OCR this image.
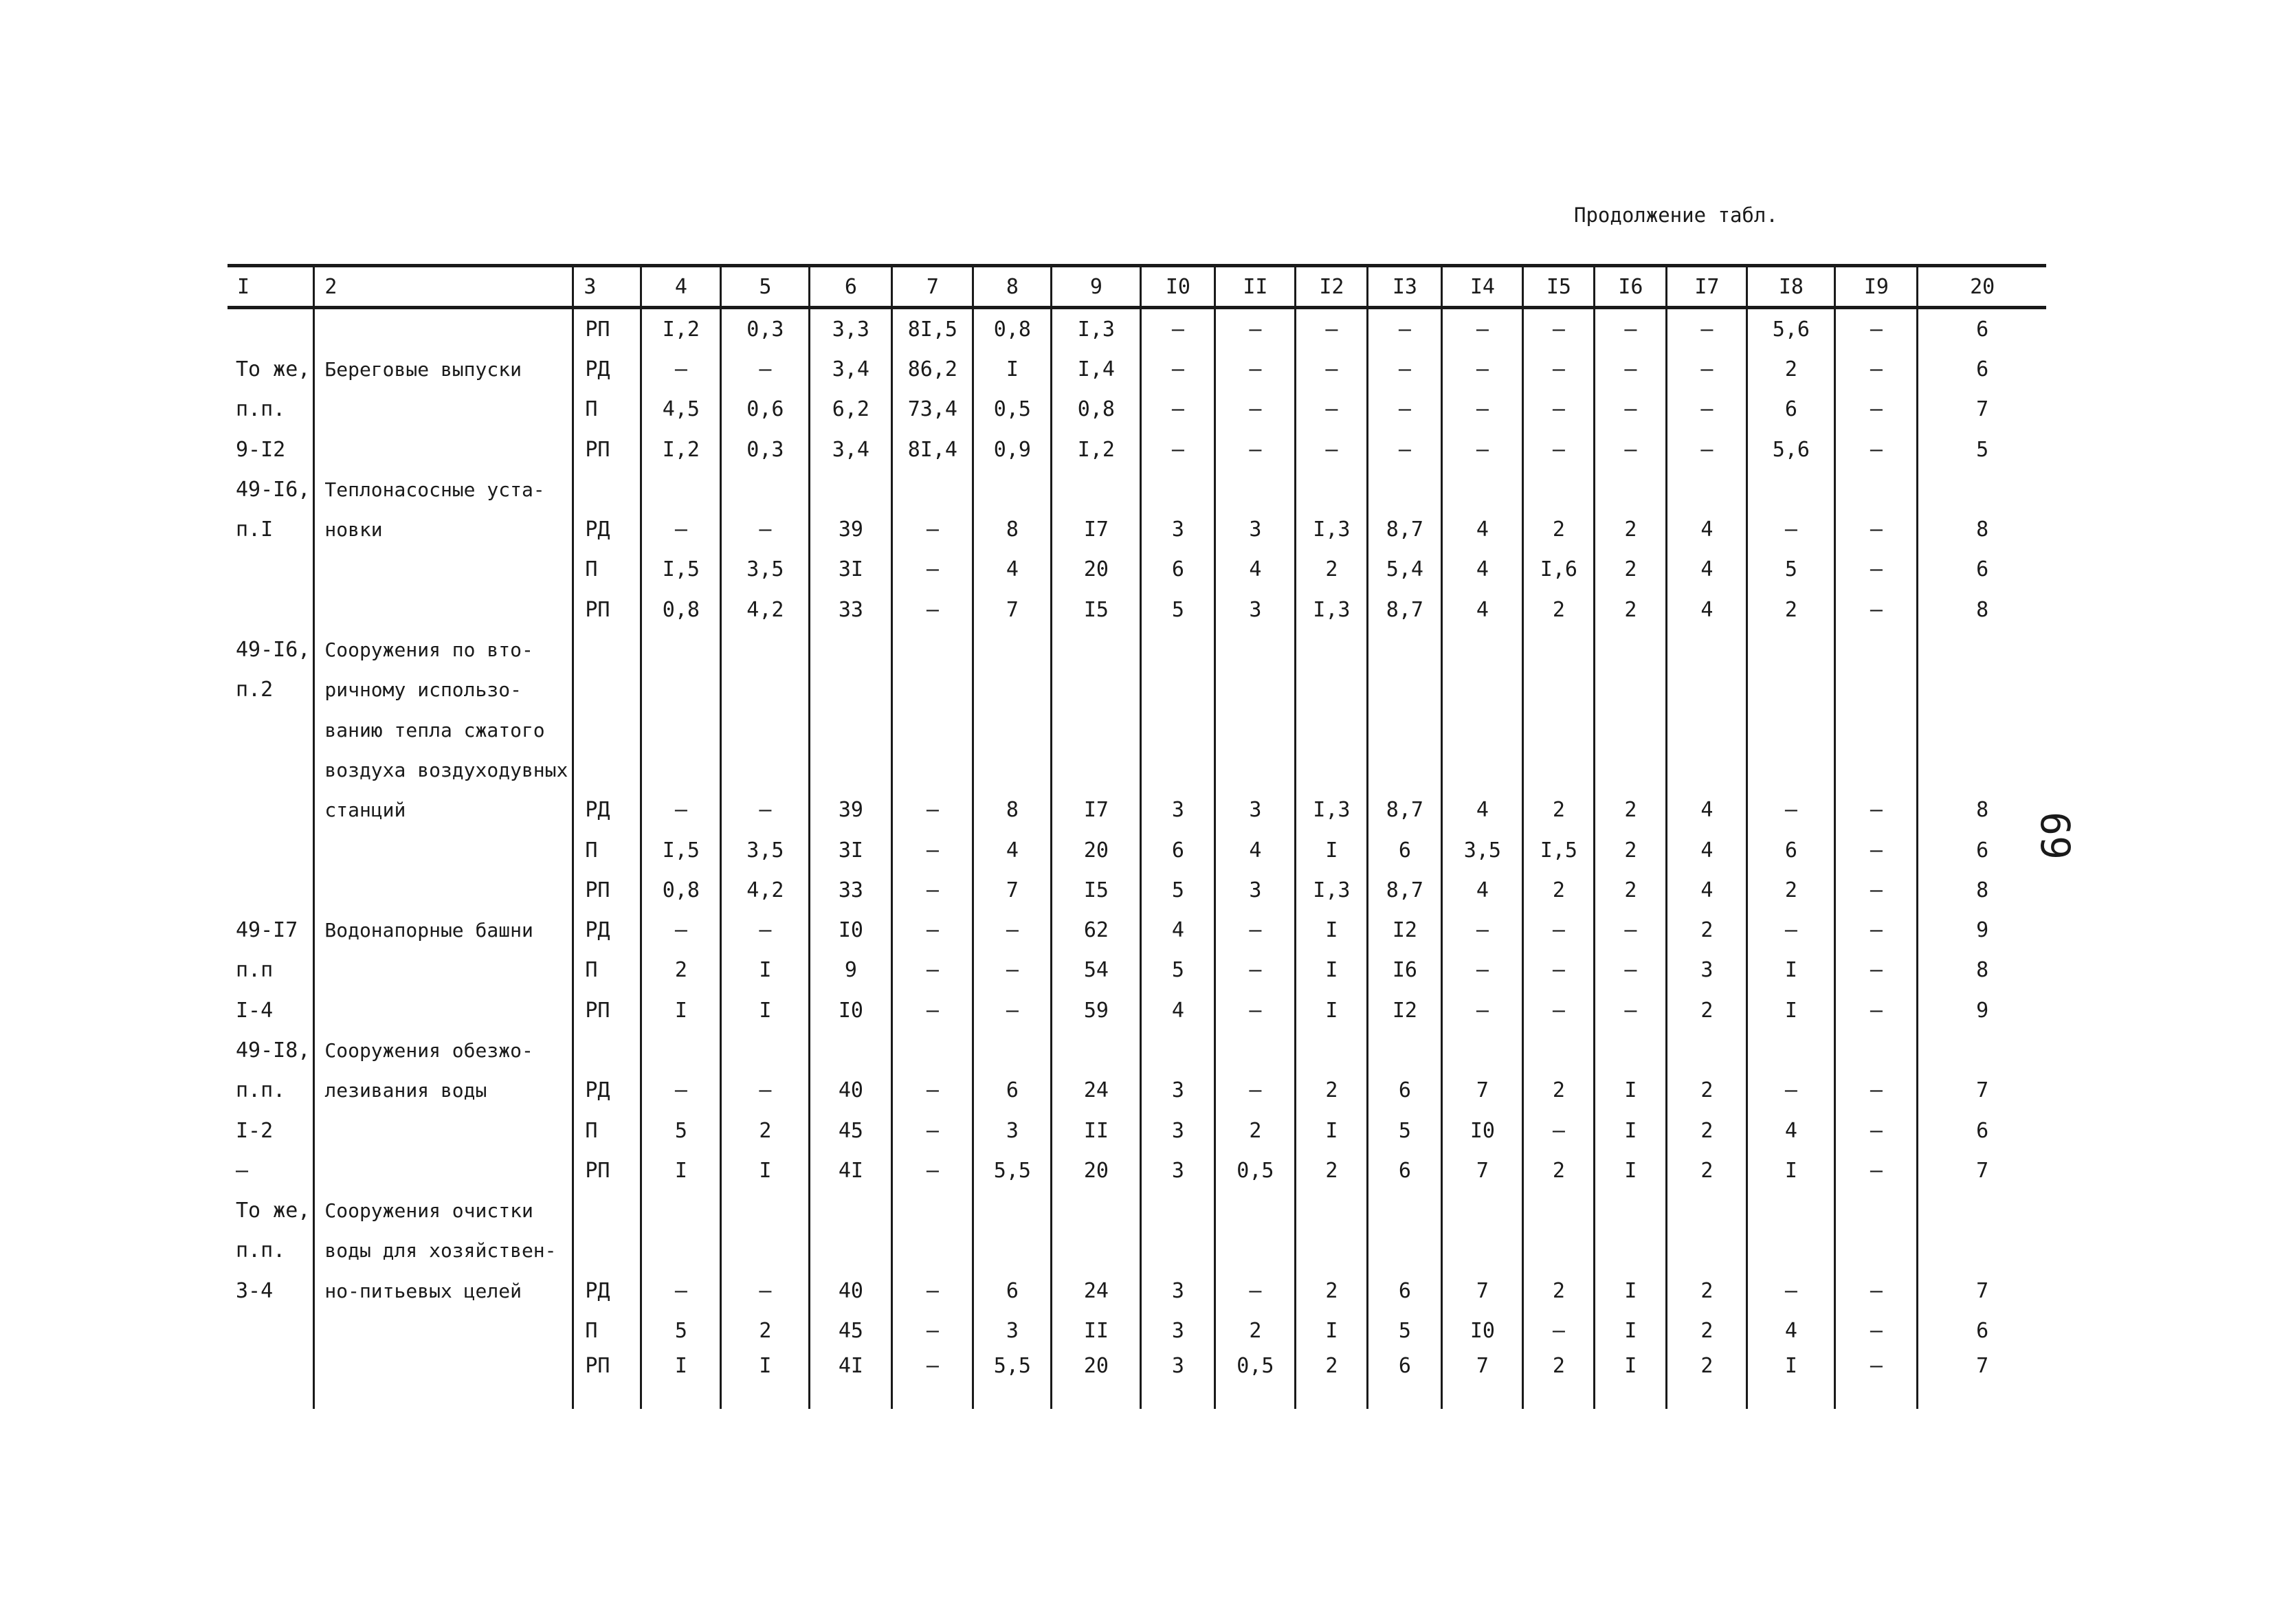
Продолжение табл.
I	2	3	4	5	6	7	8	9	I0	II	I2	I3	I4	I5	I6	I7	I8	I9	20
		РП	I,2	0,3	3,3	8I,5	0,8	I,3	–	–	–	–	–	–	–	–	5,6	–	6
То же,	Береговые выпуски	РД	–	–	3,4	86,2	I	I,4	–	–	–	–	–	–	–	–	2	–	6
п.п.		П	4,5	0,6	6,2	73,4	0,5	0,8	–	–	–	–	–	–	–	–	6	–	7
9-I2		РП	I,2	0,3	3,4	8I,4	0,9	I,2	–	–	–	–	–	–	–	–	5,6	–	5
49-I6,	Теплонасосные уста-																		
п.I	новки	РД	–	–	39	–	8	I7	3	3	I,3	8,7	4	2	2	4	–	–	8
		П	I,5	3,5	3I	–	4	20	6	4	2	5,4	4	I,6	2	4	5	–	6
		РП	0,8	4,2	33	–	7	I5	5	3	I,3	8,7	4	2	2	4	2	–	8
49-I6,	Сооружения по вто-																		
п.2	ричному использо-																		
	ванию тепла сжатого																		
	воздуха воздуходувных																		
	станций	РД	–	–	39	–	8	I7	3	3	I,3	8,7	4	2	2	4	–	–	8
		П	I,5	3,5	3I	–	4	20	6	4	I	6	3,5	I,5	2	4	6	–	6
		РП	0,8	4,2	33	–	7	I5	5	3	I,3	8,7	4	2	2	4	2	–	8
49-I7	Водонапорные башни	РД	–	–	I0	–	–	62	4	–	I	I2	–	–	–	2	–	–	9
п.п		П	2	I	9	–	–	54	5	–	I	I6	–	–	–	3	I	–	8
I-4		РП	I	I	I0	–	–	59	4	–	I	I2	–	–	–	2	I	–	9
49-I8,	Сооружения обезжо-																		
п.п.	лезивания воды	РД	–	–	40	–	6	24	3	–	2	6	7	2	I	2	–	–	7
I-2		П	5	2	45	–	3	II	3	2	I	5	I0	–	I	2	4	–	6
—		РП	I	I	4I	–	5,5	20	3	0,5	2	6	7	2	I	2	I	–	7
То же,	Сооружения очистки																		
п.п.	воды для хозяйствен-																		
3-4	но-питьевых целей	РД	–	–	40	–	6	24	3	–	2	6	7	2	I	2	–	–	7
		П	5	2	45	–	3	II	3	2	I	5	I0	–	I	2	4	–	6
		РП	I	I	4I	–	5,5	20	3	0,5	2	6	7	2	I	2	I	–	7
69
